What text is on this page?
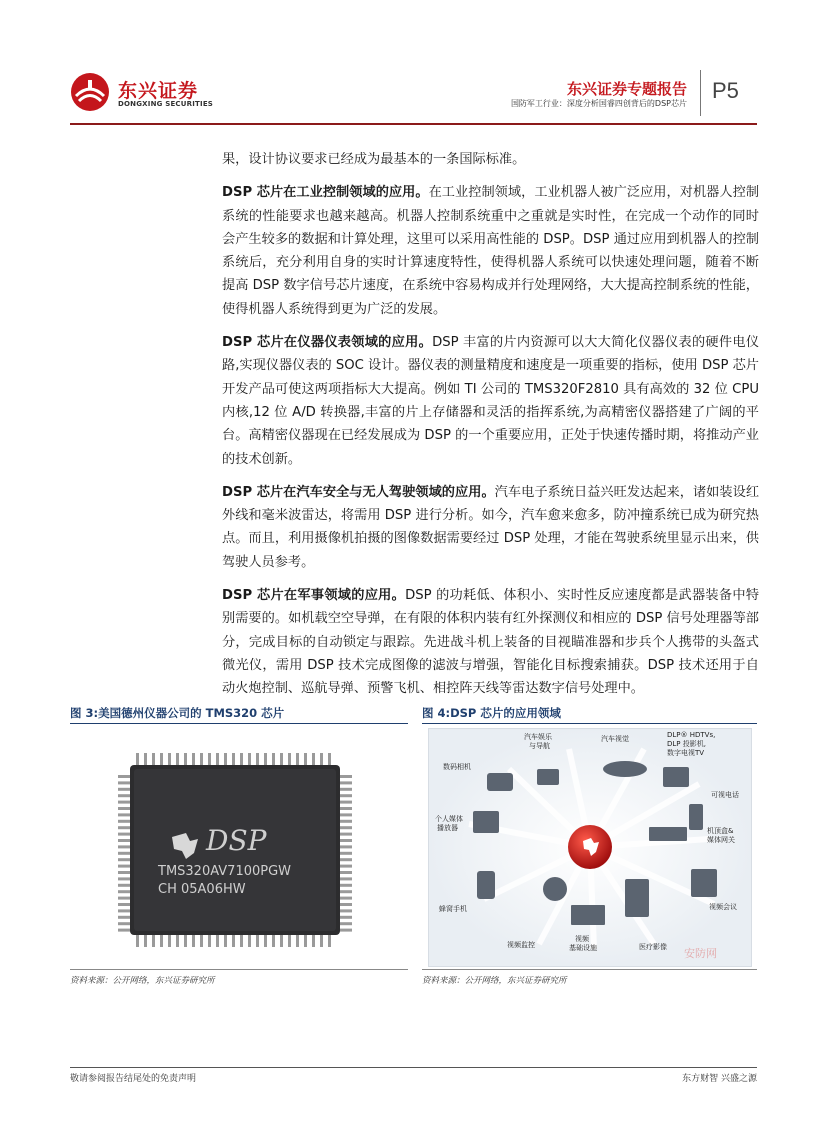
东兴证券
DONGXING SECURITIES
东兴证券专题报告
国防军工行业：深度分析国睿四创背后的DSP芯片
P5

果，设计协议要求已经成为最基本的一条国际标准。

DSP 芯片在工业控制领域的应用。在工业控制领域，工业机器人被广泛应用，对机器人控制系统的性能要求也越来越高。机器人控制系统重中之重就是实时性，在完成一个动作的同时会产生较多的数据和计算处理，这里可以采用高性能的 DSP。DSP 通过应用到机器人的控制系统后，充分利用自身的实时计算速度特性，使得机器人系统可以快速处理问题，随着不断提高 DSP 数字信号芯片速度，在系统中容易构成并行处理网络，大大提高控制系统的性能，使得机器人系统得到更为广泛的发展。

DSP 芯片在仪器仪表领域的应用。DSP 丰富的片内资源可以大大简化仪器仪表的硬件电仪路,实现仪器仪表的 SOC 设计。器仪表的测量精度和速度是一项重要的指标，使用 DSP 芯片开发产品可使这两项指标大大提高。例如 TI 公司的 TMS320F2810 具有高效的 32 位 CPU 内核,12 位 A/D 转换器,丰富的片上存储器和灵活的指挥系统,为高精密仪器搭建了广阔的平台。高精密仪器现在已经发展成为 DSP 的一个重要应用，正处于快速传播时期，将推动产业的技术创新。

DSP 芯片在汽车安全与无人驾驶领域的应用。汽车电子系统日益兴旺发达起来，诸如装设红外线和毫米波雷达，将需用 DSP 进行分析。如今，汽车愈来愈多，防冲撞系统已成为研究热点。而且，利用摄像机拍摄的图像数据需要经过 DSP 处理，才能在驾驶系统里显示出来，供驾驶人员参考。

DSP 芯片在军事领域的应用。DSP 的功耗低、体积小、实时性反应速度都是武器装备中特别需要的。如机载空空导弹，在有限的体积内装有红外探测仪和相应的 DSP 信号处理器等部分，完成目标的自动锁定与跟踪。先进战斗机上装备的目视瞄准器和步兵个人携带的头盔式微光仪，需用 DSP 技术完成图像的滤波与增强，智能化目标搜索捕获。DSP 技术还用于自动火炮控制、巡航导弹、预警飞机、相控阵天线等雷达数字信号处理中。

图 3:美国德州仪器公司的 TMS320 芯片
DSP
TMS320AV7100PGW
CH 05A06HW
资料来源：公开网络，东兴证券研究所
图 4:DSP 芯片的应用领域
汽车娱乐与导航
汽车视觉	DLP® HDTVs, DLP 投影机,数字电视TV
数码相机
可视电话
个人媒体播放器	机顶盒&媒体网关
蜂窝手机	视频会议
视频监控
视频基础设施	医疗影像 安防网
资料来源：公开网络，东兴证券研究所
敬请参阅报告结尾处的免责声明	东方财智 兴盛之源
